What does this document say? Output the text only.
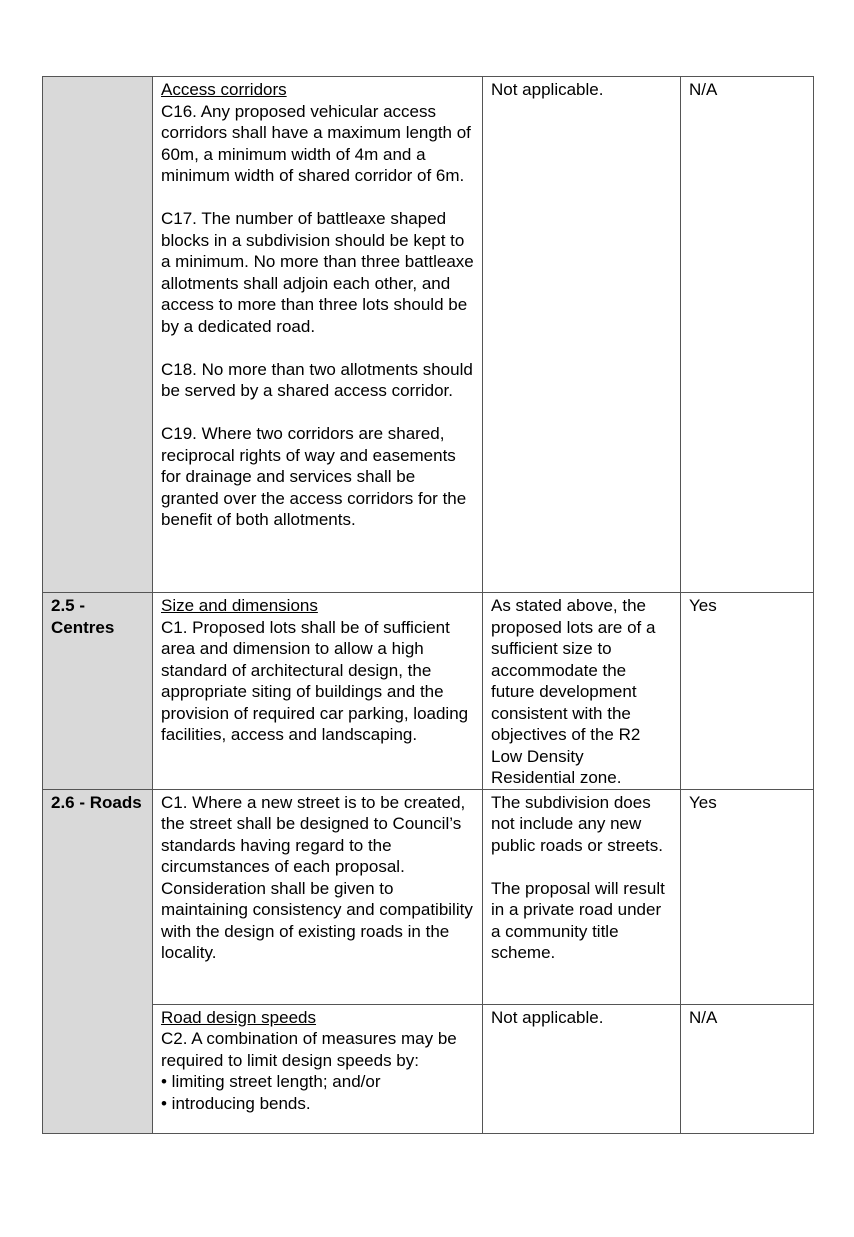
	Access corridors
C16. Any proposed vehicular access corridors shall have a maximum length of 60m, a minimum width of 4m and a minimum width of shared corridor of 6m.
C17. The number of battleaxe shaped blocks in a subdivision should be kept to a minimum. No more than three battleaxe allotments shall adjoin each other, and access to more than three lots should be by a dedicated road.
C18. No more than two allotments should be served by a shared access corridor.
C19. Where two corridors are shared, reciprocal rights of way and easements for drainage and services shall be granted over the access corridors for the benefit of both allotments.	Not applicable.	N/A
2.5 - Centres	Size and dimensions
C1. Proposed lots shall be of sufficient area and dimension to allow a high standard of architectural design, the appropriate siting of buildings and the provision of required car parking, loading facilities, access and landscaping.	As stated above, the proposed lots are of a sufficient size to accommodate the future development consistent with the objectives of the R2 Low Density Residential zone.	Yes
2.6 - Roads	C1. Where a new street is to be created, the street shall be designed to Council’s standards having regard to the circumstances of each proposal. Consideration shall be given to maintaining consistency and compatibility with the design of existing roads in the locality.	The subdivision does not include any new public roads or streets.
The proposal will result in a private road under a community title scheme.	Yes

	Road design speeds
C2. A combination of measures may be required to limit design speeds by:
• limiting street length; and/or
• introducing bends.	Not applicable.	N/A
